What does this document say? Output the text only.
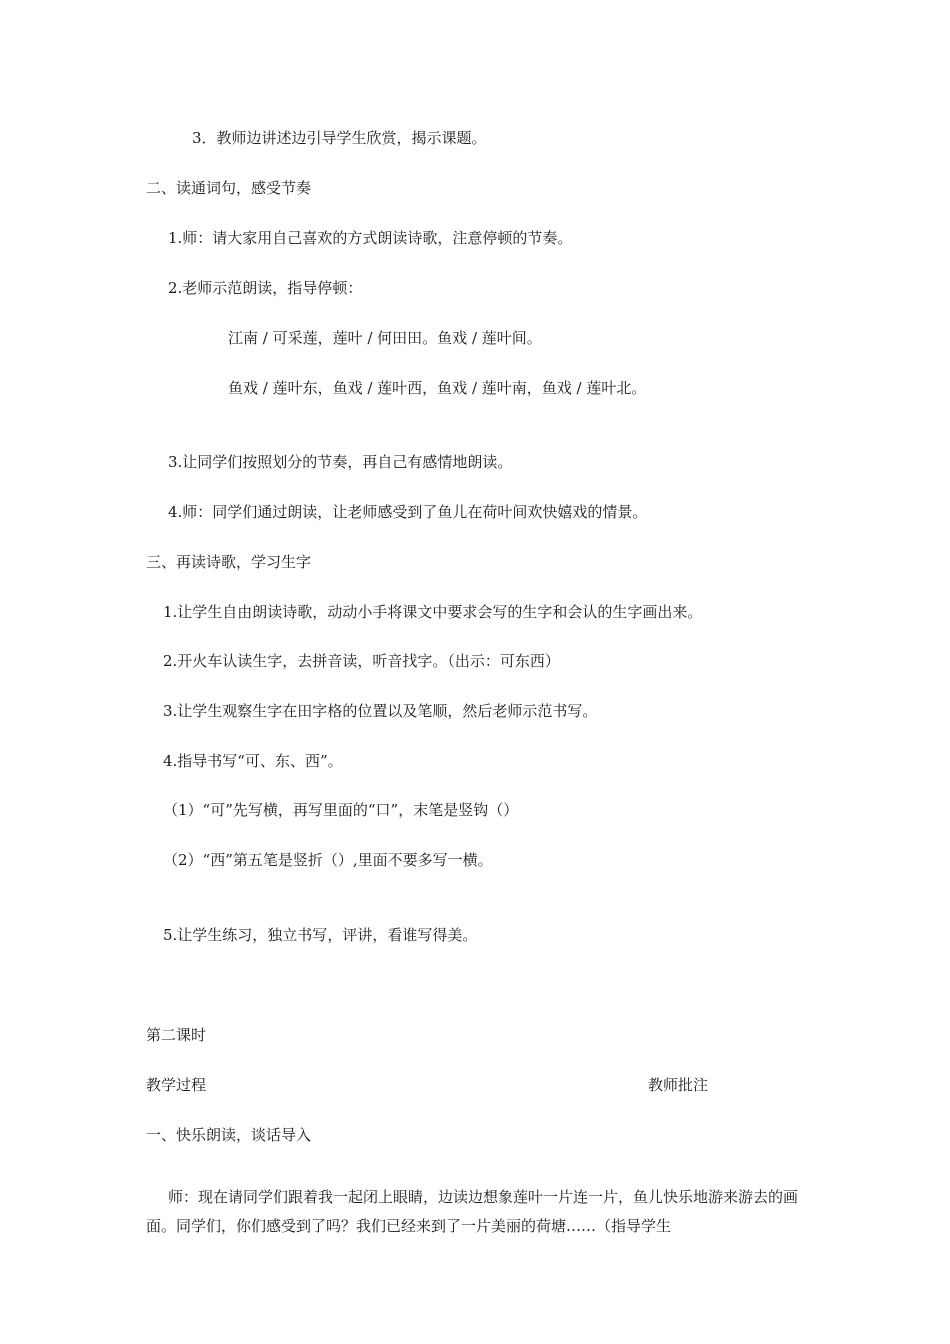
3．教师边讲述边引导学生欣赏，揭示课题。

二、读通词句，感受节奏

1.师：请大家用自己喜欢的方式朗读诗歌，注意停顿的节奏。

2.老师示范朗读，指导停顿：

江南 / 可采莲，莲叶 / 何田田。鱼戏 / 莲叶间。

鱼戏 / 莲叶东，鱼戏 / 莲叶西，鱼戏 / 莲叶南，鱼戏 / 莲叶北。

3.让同学们按照划分的节奏，再自己有感情地朗读。

4.师：同学们通过朗读，让老师感受到了鱼儿在荷叶间欢快嬉戏的情景。

三、再读诗歌，学习生字

1.让学生自由朗读诗歌，动动小手将课文中要求会写的生字和会认的生字画出来。

2.开火车认读生字，去拼音读，听音找字。（出示：可东西）

3.让学生观察生字在田字格的位置以及笔顺，然后老师示范书写。

4.指导书写“可、东、西”。

（1）“可”先写横，再写里面的“口”，末笔是竖钩（）

（2）“西”第五笔是竖折（）,里面不要多写一横。

5.让学生练习，独立书写，评讲，看谁写得美。

第二课时

教学过程	教师批注

一、快乐朗读，谈话导入

师：现在请同学们跟着我一起闭上眼睛，边读边想象莲叶一片连一片，鱼儿快乐地游来游去的画面。同学们，你们感受到了吗？我们已经来到了一片美丽的荷塘……（指导学生
